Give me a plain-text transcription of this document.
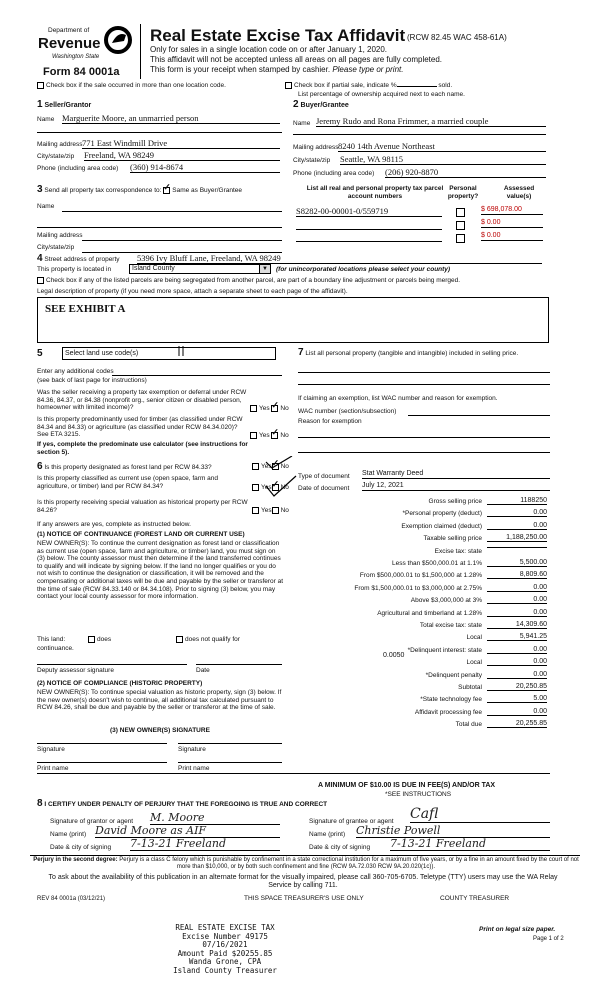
Department of
Revenue
Washington State
Form 84 0001a
Real Estate Excise Tax Affidavit (RCW 82.45 WAC 458-61A)
Only for sales in a single location code on or after January 1, 2020.
This affidavit will not be accepted unless all areas on all pages are fully completed.
This form is your receipt when stamped by cashier. Please type or print.
Check box if the sale occurred in more than one location code.	Check box if partial sale, indicate %	sold.
List percentage of ownership acquired next to each name.
1 Seller/Grantor
Name Marguerite Moore, an unmarried person
Mailing address 771 East Windmill Drive
City/state/zip Freeland, WA 98249
Phone (including area code) (360) 914-8674
2 Buyer/Grantee
Name Jeremy Rudo and Rona Frimmer, a married couple
Mailing address 8240 14th Avenue Northeast
City/state/zip Seattle, WA 98115
Phone (including area code) (206) 920-8870
3 Send all property tax correspondence to: ✓ Same as Buyer/Grantee
Name
Mailing address
City/state/zip
List all real and personal property tax parcel account numbers
Personal property?
Assessed value(s)
S8282-00-00001-0/559719	$ 698,078.00
$ 0.00
$ 0.00
4 Street address of property 5396 Ivy Bluff Lane, Freeland, WA 98249
This property is located in	Island County	▼	(for unincorporated locations please select your county)
Check box if any of the listed parcels are being segregated from another parcel, are part of a boundary line adjustment or parcels being merged.
Legal description of property (if you need more space, attach a separate sheet to each page of the affidavit).
SEE EXHIBIT A
5	Select land use code(s)
Enter any additional codes
(see back of last page for instructions)
Was the seller receiving a property tax exemption or deferral under RCW 84.36, 84.37, or 84.38 (nonprofit org., senior citizen or disabled person, homeowner with limited income)?	Yes ✓ No
Is this property predominantly used for timber (as classified under RCW 84.34 and 84.33) or agriculture (as classified under RCW 84.34.020)? See ETA 3215.	Yes ✓ No
If yes, complete the predominate use calculator (see instructions for section 5).
6 Is this property designated as forest land per RCW 84.33?	Yes ✓ No
Is this property classified as current use (open space, farm and agriculture, or timber) land per RCW 84.34?	Yes ✓ No
Is this property receiving special valuation as historical property per RCW 84.26?	Yes No
If any answers are yes, complete as instructed below.
(1) NOTICE OF CONTINUANCE (FOREST LAND OR CURRENT USE)
NEW OWNER(S): To continue the current designation as forest land or classification as current use (open space, farm and agriculture, or timber) land, you must sign on (3) below. The county assessor must then determine if the land transferred continues to qualify and will indicate by signing below. If the land no longer qualifies or you do not wish to continue the designation or classification, it will be removed and the compensating or additional taxes will be due and payable by the seller or transferor at the time of sale (RCW 84.33.140 or 84.34.108). Prior to signing (3) below, you may contact your local county assessor for more information.
This land:	does	does not qualify for
continuance.
Deputy assessor signature	Date
(2) NOTICE OF COMPLIANCE (HISTORIC PROPERTY)
NEW OWNER(S): To continue special valuation as historic property, sign (3) below. If the new owner(s) doesn't wish to continue, all additional tax calculated pursuant to RCW 84.26, shall be due and payable by the seller or transferor at the time of sale.
(3) NEW OWNER(S) SIGNATURE
Signature	Signature
Print name	Print name
7 List all personal property (tangible and intangible) included in selling price.
If claiming an exemption, list WAC number and reason for exemption.
WAC number (section/subsection)
Reason for exemption
Type of document Stat Warranty Deed
Date of document July 12, 2021
Gross selling price	1188250
*Personal property (deduct)	0.00
Exemption claimed (deduct)	0.00
Taxable selling price	1,188,250.00
Excise tax: state
Less than $500,000.01 at 1.1%	5,500.00
From $500,000.01 to $1,500,000 at 1.28%	8,809.60
From $1,500,000.01 to $3,000,000 at 2.75%	0.00
Above $3,000,000 at 3%	0.00
Agricultural and timberland at 1.28%	0.00
Total excise tax: state	14,309.60
Local	5,941.25
*Delinquent interest: state	0.00
Local	0.00
*Delinquent penalty	0.00
Subtotal	20,250.85
*State technology fee	5.00
Affidavit processing fee	0.00
Total due	20,255.85
0.0050
A MINIMUM OF $10.00 IS DUE IN FEE(S) AND/OR TAX
*SEE INSTRUCTIONS
8 I CERTIFY UNDER PENALTY OF PERJURY THAT THE FOREGOING IS TRUE AND CORRECT
Signature of grantor or agent M. Moore
Name (print) David Moore as AIF
Date & city of signing 7-13-21 Freeland
Signature of grantee or agent Cafl
Name (print) Christie Powell
Date & city of signing 7-13-21 Freeland
Perjury in the second degree: Perjury is a class C felony which is punishable by confinement in a state correctional institution for a maximum of five years, or by a fine in an amount fixed by the court of not more than $10,000, or by both such confinement and fine (RCW 9A.72.030 RCW 9A.20.020(1c)).
To ask about the availability of this publication in an alternate format for the visually impaired, please call 360-705-6705. Teletype (TTY) users may use the WA Relay Service by calling 711.
REV 84 0001a (03/12/21)	THIS SPACE TREASURER'S USE ONLY	COUNTY TREASURER
REAL ESTATE EXCISE TAX
Excise Number 49175
07/16/2021
Amount Paid $20255.85
Wanda Grone, CPA
Island County Treasurer
Print on legal size paper.
Page 1 of 2
